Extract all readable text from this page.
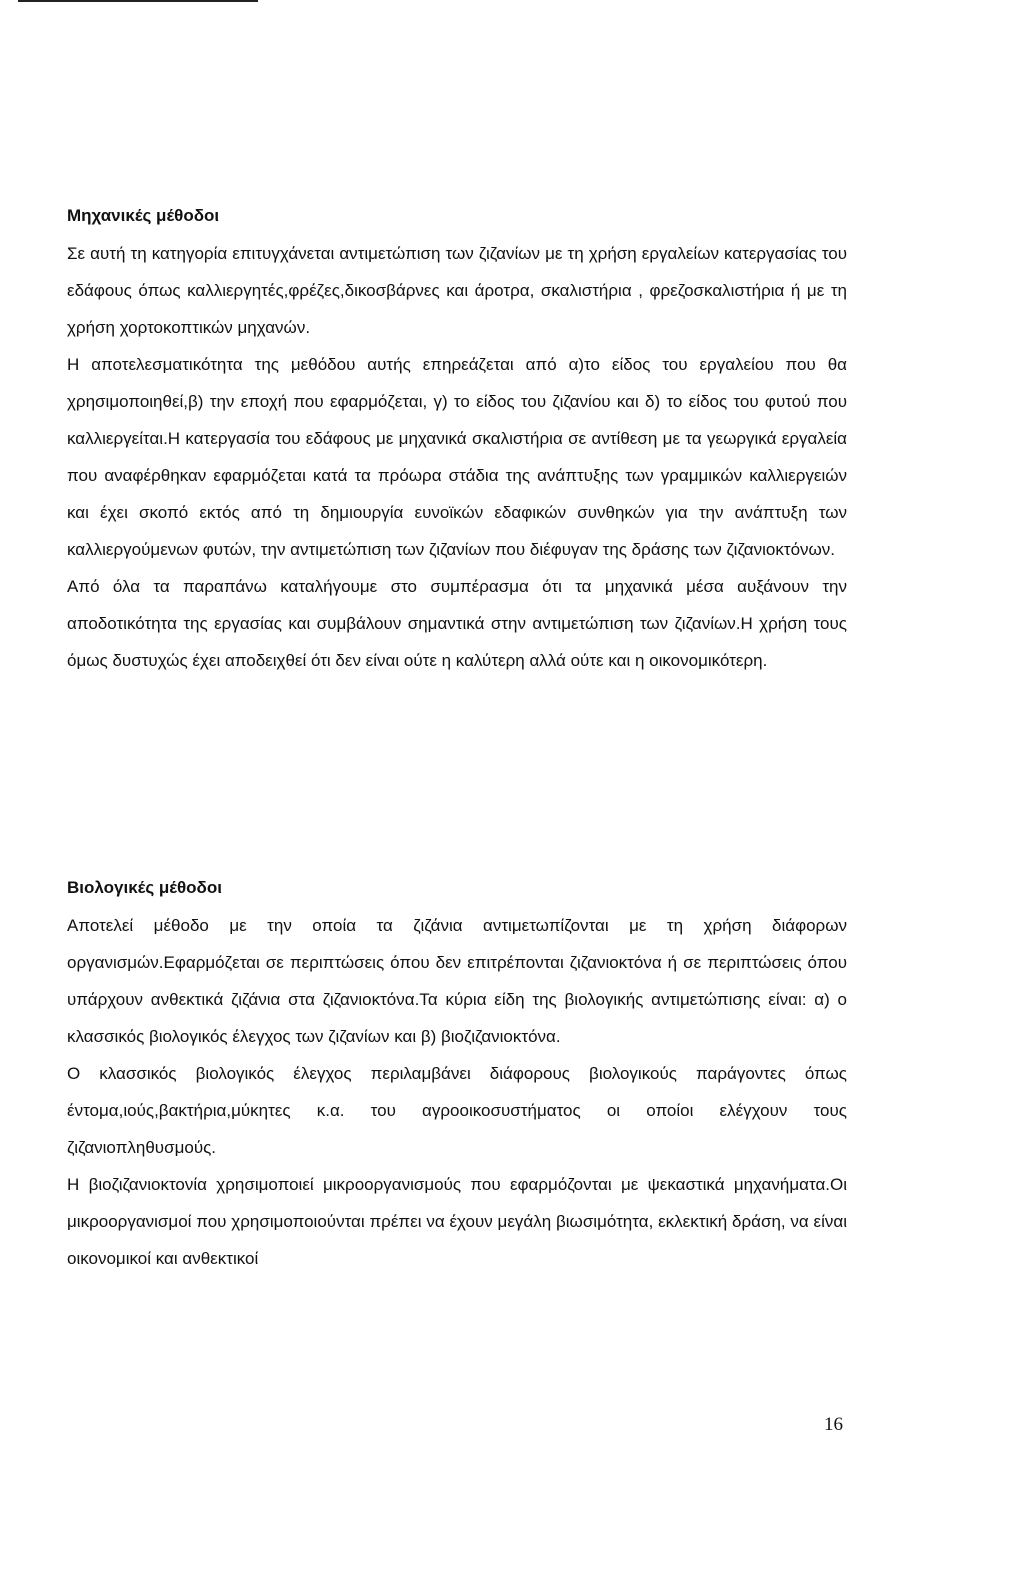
Μηχανικές μέθοδοι

Σε αυτή τη κατηγορία επιτυγχάνεται αντιμετώπιση των ζιζανίων με τη χρήση εργαλείων κατεργασίας του εδάφους όπως καλλιεργητές,φρέζες,δικοσβάρνες και άροτρα, σκαλιστήρια , φρεζοσκαλιστήρια ή με τη χρήση χορτοκοπτικών μηχανών.

Η αποτελεσματικότητα της μεθόδου αυτής επηρεάζεται από α)το είδος του εργαλείου που θα χρησιμοποιηθεί,β) την εποχή που εφαρμόζεται, γ) το είδος του ζιζανίου και δ) το είδος του φυτού που καλλιεργείται.Η κατεργασία του εδάφους με μηχανικά σκαλιστήρια σε αντίθεση με τα γεωργικά εργαλεία που αναφέρθηκαν εφαρμόζεται κατά τα πρόωρα στάδια της ανάπτυξης των γραμμικών καλλιεργειών και έχει σκοπό εκτός από τη δημιουργία ευνοϊκών εδαφικών συνθηκών για την ανάπτυξη των καλλιεργούμενων φυτών, την αντιμετώπιση των ζιζανίων που διέφυγαν της δράσης των ζιζανιοκτόνων.

Από όλα τα παραπάνω καταλήγουμε στο συμπέρασμα ότι τα μηχανικά μέσα αυξάνουν την αποδοτικότητα της εργασίας και συμβάλουν σημαντικά στην αντιμετώπιση των ζιζανίων.Η χρήση τους όμως δυστυχώς έχει αποδειχθεί ότι δεν είναι ούτε η καλύτερη αλλά ούτε και η οικονομικότερη.

Βιολογικές μέθοδοι

Αποτελεί μέθοδο με την οποία τα ζιζάνια αντιμετωπίζονται με τη χρήση διάφορων οργανισμών.Εφαρμόζεται σε περιπτώσεις όπου δεν επιτρέπονται ζιζανιοκτόνα ή σε περιπτώσεις όπου υπάρχουν ανθεκτικά ζιζάνια στα ζιζανιοκτόνα.Τα κύρια είδη της βιολογικής αντιμετώπισης είναι: α) ο κλασσικός βιολογικός έλεγχος των ζιζανίων και β) βιοζιζανιοκτόνα.

Ο κλασσικός βιολογικός έλεγχος περιλαμβάνει διάφορους βιολογικούς παράγοντες όπως έντομα,ιούς,βακτήρια,μύκητες κ.α. του αγροοικοσυστήματος οι οποίοι ελέγχουν τους ζιζανιοπληθυσμούς.

Η βιοζιζανιοκτονία χρησιμοποιεί μικροοργανισμούς που εφαρμόζονται με ψεκαστικά μηχανήματα.Οι μικροοργανισμοί που χρησιμοποιούνται πρέπει να έχουν μεγάλη βιωσιμότητα, εκλεκτική δράση, να είναι οικονομικοί και ανθεκτικοί

16
